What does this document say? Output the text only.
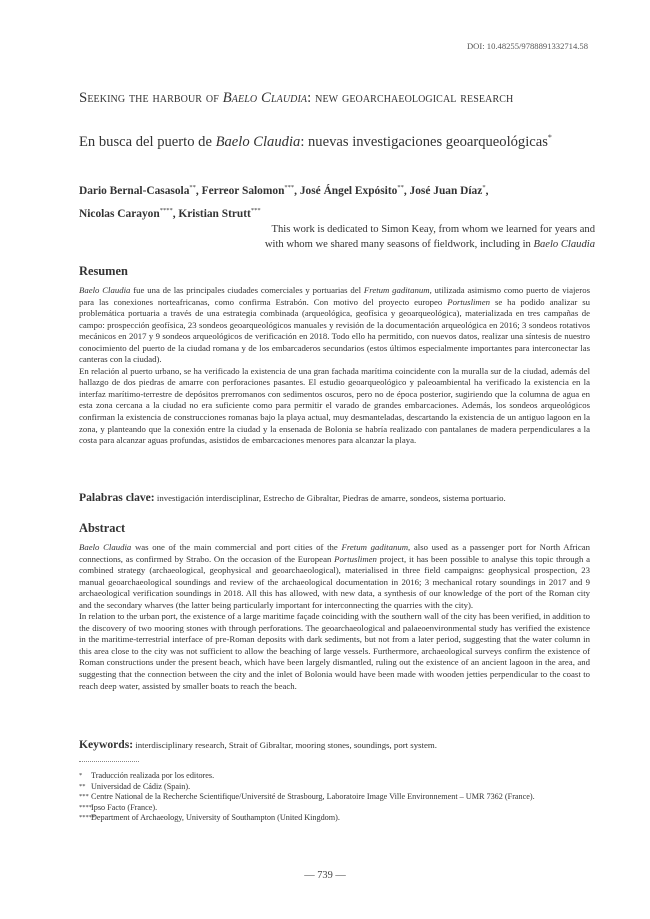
DOI: 10.48255/9788891332714.58
Seeking the harbour of Baelo Claudia: new geoarchaeological research
En busca del puerto de Baelo Claudia: nuevas investigaciones geoarqueológicas*
Dario Bernal-Casasola**, Ferreor Salomon***, José Ángel Expósito**, José Juan Díaz*,
Nicolas Carayon****, Kristian Strutt***
This work is dedicated to Simon Keay, from whom we learned for years and
with whom we shared many seasons of fieldwork, including in Baelo Claudia
Resumen

Baelo Claudia fue una de las principales ciudades comerciales y portuarias del Fretum gaditanum, utilizada asimismo como puerto de viajeros para las conexiones norteafricanas, como confirma Estrabón. Con motivo del proyecto europeo Portuslimen se ha podido analizar su problemática portuaria a través de una estrategia combinada (arqueológica, geofísica y geoarqueológica), materializada en tres campañas de campo: prospección geofísica, 23 sondeos geoarqueológicos manuales y revisión de la documentación arqueológica en 2016; 3 sondeos rotativos mecánicos en 2017 y 9 sondeos arqueológicos de verificación en 2018. Todo ello ha permitido, con nuevos datos, realizar una síntesis de nuestro conocimiento del puerto de la ciudad romana y de los embarcaderos secundarios (estos últimos especialmente importantes para interconectar las canteras con la ciudad).

En relación al puerto urbano, se ha verificado la existencia de una gran fachada marítima coincidente con la muralla sur de la ciudad, además del hallazgo de dos piedras de amarre con perforaciones pasantes. El estudio geoarqueológico y paleoambiental ha verificado la existencia en la interfaz marítimo-terrestre de depósitos prerromanos con sedimentos oscuros, pero no de época posterior, sugiriendo que la columna de agua en esta zona cercana a la ciudad no era suficiente como para permitir el varado de grandes embarcaciones. Además, los sondeos arqueológicos confirman la existencia de construcciones romanas bajo la playa actual, muy desmanteladas, descartando la existencia de un antiguo lagoon en la zona, y planteando que la conexión entre la ciudad y la ensenada de Bolonia se habría realizado con pantalanes de madera perpendiculares a la costa para alcanzar aguas profundas, asistidos de embarcaciones menores para alcanzar la playa.

Palabras clave: investigación interdisciplinar, Estrecho de Gibraltar, Piedras de amarre, sondeos, sistema portuario.
Abstract

Baelo Claudia was one of the main commercial and port cities of the Fretum gaditanum, also used as a passenger port for North African connections, as confirmed by Strabo. On the occasion of the European Portuslimen project, it has been possible to analyse this topic through a combined strategy (archaeological, geophysical and geoarchaeological), materialised in three field campaigns: geophysical prospection, 23 manual geoarchaeological soundings and review of the archaeological documentation in 2016; 3 mechanical rotary soundings in 2017 and 9 archaeological verification soundings in 2018. All this has allowed, with new data, a synthesis of our knowledge of the port of the Roman city and the secondary wharves (the latter being particularly important for interconnecting the quarries with the city).

In relation to the urban port, the existence of a large maritime façade coinciding with the southern wall of the city has been verified, in addition to the discovery of two mooring stones with through perforations. The geoarchaeological and palaeoenvironmental study has verified the existence in the maritime-terrestrial interface of pre-Roman deposits with dark sediments, but not from a later period, suggesting that the water column in this area close to the city was not sufficient to allow the beaching of large vessels. Furthermore, archaeological surveys confirm the existence of Roman constructions under the present beach, which have been largely dismantled, ruling out the existence of an ancient lagoon in the area, and suggesting that the connection between the city and the inlet of Bolonia would have been made with wooden jetties perpendicular to the coast to reach deep water, assisted by smaller boats to reach the beach.

Keywords: interdisciplinary research, Strait of Gibraltar, mooring stones, soundings, port system.
*	Traducción realizada por los editores.
** Universidad de Cádiz (Spain).
*** Centre National de la Recherche Scientifique/Université de Strasbourg, Laboratoire Image Ville Environnement – UMR 7362 (France).
**** Ipso Facto (France).
*****
Department of Archaeology, University of Southampton (United Kingdom).
— 739 —
